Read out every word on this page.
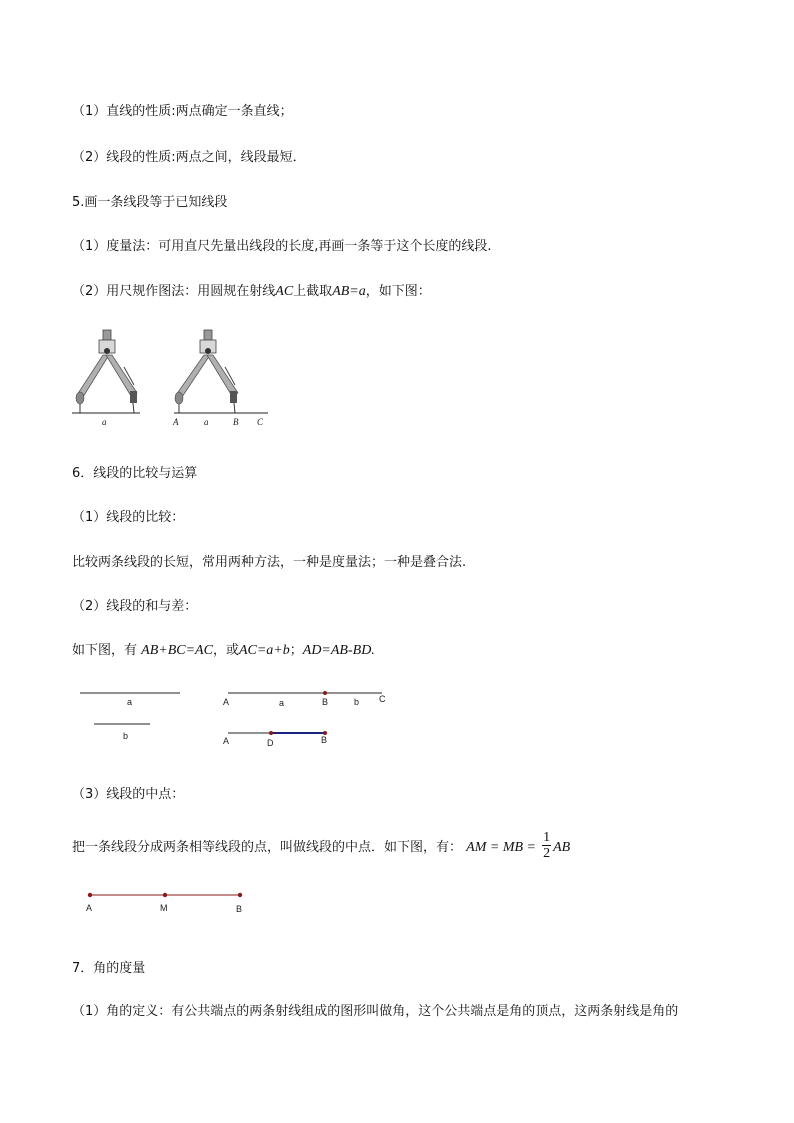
（1）直线的性质:两点确定一条直线；
（2）线段的性质:两点之间，线段最短．
5.画一条线段等于已知线段
（1）度量法：可用直尺先量出线段的长度,再画一条等于这个长度的线段.
（2）用尺规作图法：用圆规在射线AC上截取AB=a，如下图：
a	A	a	B C
6．线段的比较与运算
（1）线段的比较：
比较两条线段的长短，常用两种方法，一种是度量法；一种是叠合法.
（2）线段的和与差：
如下图，有 AB+BC=AC，或AC=a+b；AD=AB-BD.
a
b
A	a	B	b C
A	D	B
（3）线段的中点：
把一条线段分成两条相等线段的点，叫做线段的中点．如下图，有： AM = MB = $\frac{1}{2}$ AB
A	M	B
7．角的度量
（1）角的定义：有公共端点的两条射线组成的图形叫做角，这个公共端点是角的顶点，这两条射线是角的
